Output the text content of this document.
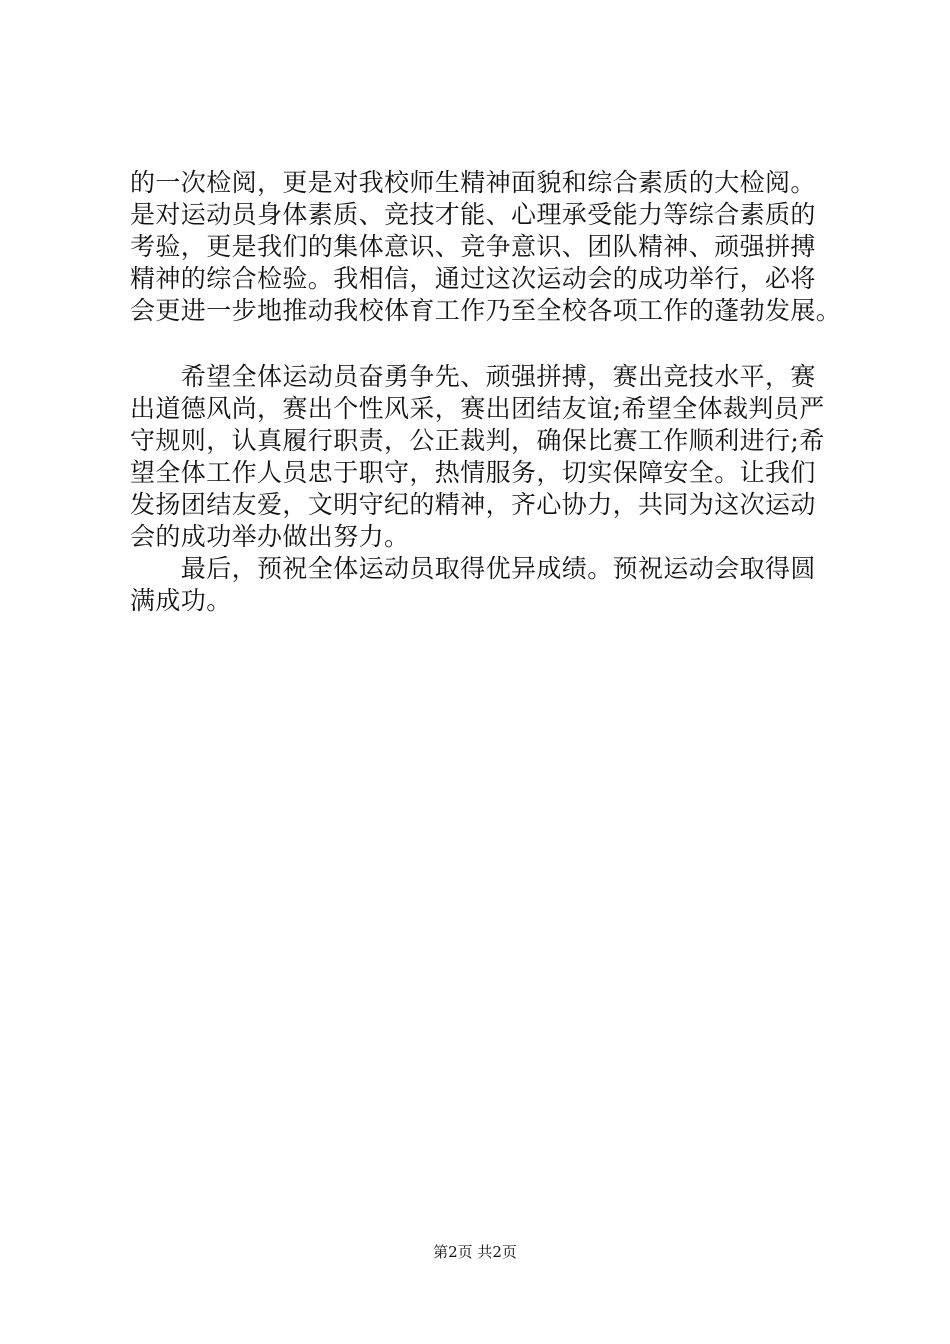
的一次检阅，更是对我校师生精神面貌和综合素质的大检阅。
是对运动员身体素质、竞技才能、心理承受能力等综合素质的
考验，更是我们的集体意识、竞争意识、团队精神、顽强拼搏
精神的综合检验。我相信，通过这次运动会的成功举行，必将
会更进一步地推动我校体育工作乃至全校各项工作的蓬勃发展。
　　希望全体运动员奋勇争先、顽强拼搏，赛出竞技水平，赛
出道德风尚，赛出个性风采，赛出团结友谊;希望全体裁判员严
守规则，认真履行职责，公正裁判，确保比赛工作顺利进行;希
望全体工作人员忠于职守，热情服务，切实保障安全。让我们
发扬团结友爱，文明守纪的精神，齐心协力，共同为这次运动
会的成功举办做出努力。
　　最后，预祝全体运动员取得优异成绩。预祝运动会取得圆
满成功。
第2页 共2页
